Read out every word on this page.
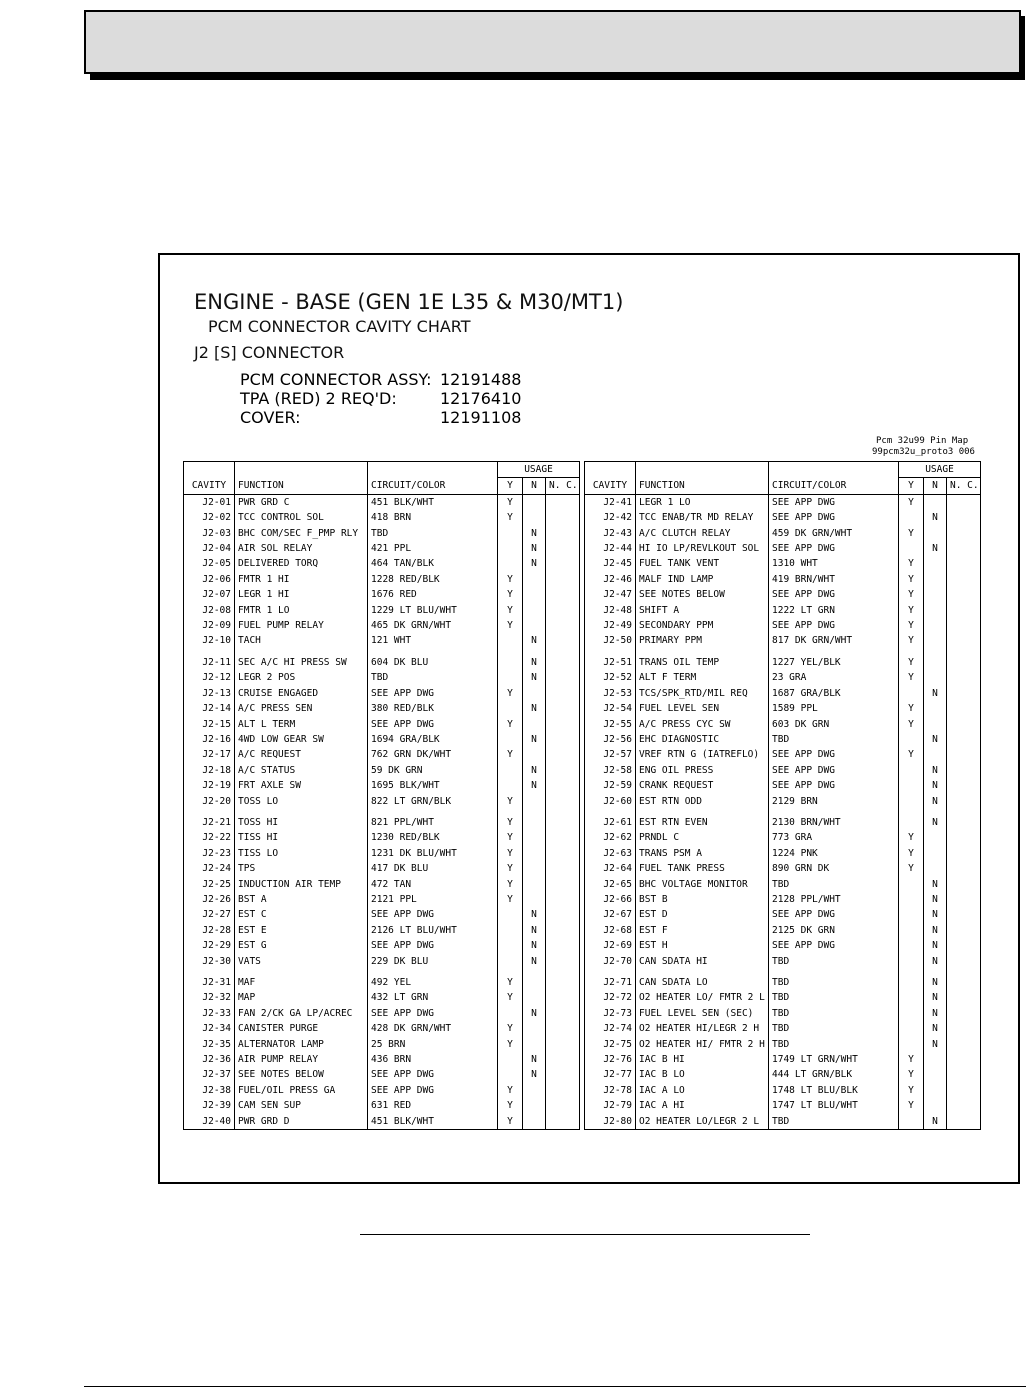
ENGINE - BASE (GEN 1E L35 & M30/MT1)
PCM CONNECTOR CAVITY CHART
J2 [S] CONNECTOR
PCM CONNECTOR ASSY: 12191488
TPA (RED) 2 REQ'D:	12176410
COVER:	12191108
Pcm 32u99 Pin Map
99pcm32u_proto3 006
CAVITY	FUNCTION	CIRCUIT/COLOR	USAGE		
			Y	N	N. C.
J2-01	PWR GRD C	451 BLK/WHT	Y		
J2-02	TCC CONTROL SOL	418 BRN	Y		
J2-03	BHC COM/SEC F_PMP RLY	TBD		N	
J2-04	AIR SOL RELAY	421 PPL		N	
J2-05	DELIVERED TORQ	464 TAN/BLK		N	
J2-06	FMTR 1 HI	1228 RED/BLK	Y		
J2-07	LEGR 1 HI	1676 RED	Y		
J2-08	FMTR 1 LO	1229 LT BLU/WHT	Y		
J2-09	FUEL PUMP RELAY	465 DK GRN/WHT	Y		
J2-10	TACH	121 WHT		N	
J2-11	SEC A/C HI PRESS SW	604 DK BLU		N	
J2-12	LEGR 2 POS	TBD		N	
J2-13	CRUISE ENGAGED	SEE APP DWG	Y		
J2-14	A/C PRESS SEN	380 RED/BLK		N	
J2-15	ALT L TERM	SEE APP DWG	Y		
J2-16	4WD LOW GEAR SW	1694 GRA/BLK		N	
J2-17	A/C REQUEST	762 GRN DK/WHT	Y		
J2-18	A/C STATUS	59 DK GRN		N	
J2-19	FRT AXLE SW	1695 BLK/WHT		N	
J2-20	TOSS LO	822 LT GRN/BLK	Y		
J2-21	TOSS HI	821 PPL/WHT	Y		
J2-22	TISS HI	1230 RED/BLK	Y		
J2-23	TISS LO	1231 DK BLU/WHT	Y		
J2-24	TPS	417 DK BLU	Y		
J2-25	INDUCTION AIR TEMP	472 TAN	Y		
J2-26	BST A	2121 PPL	Y		
J2-27	EST C	SEE APP DWG		N	
J2-28	EST E	2126 LT BLU/WHT		N	
J2-29	EST G	SEE APP DWG		N	
J2-30	VATS	229 DK BLU		N	
J2-31	MAF	492 YEL	Y		
J2-32	MAP	432 LT GRN	Y		
J2-33	FAN 2/CK GA LP/ACREC	SEE APP DWG		N	
J2-34	CANISTER PURGE	428 DK GRN/WHT	Y		
J2-35	ALTERNATOR LAMP	25 BRN	Y		
J2-36	AIR PUMP RELAY	436 BRN		N	
J2-37	SEE NOTES BELOW	SEE APP DWG		N	
J2-38	FUEL/OIL PRESS GA	SEE APP DWG	Y		
J2-39	CAM SEN SUP	631 RED	Y		
J2-40	PWR GRD D	451 BLK/WHT	Y		
CAVITY	FUNCTION	CIRCUIT/COLOR	USAGE		
			Y	N	N. C.
J2-41	LEGR 1 LO	SEE APP DWG	Y		
J2-42	TCC ENAB/TR MD RELAY	SEE APP DWG		N	
J2-43	A/C CLUTCH RELAY	459 DK GRN/WHT	Y		
J2-44	HI IO LP/REVLKOUT SOL	SEE APP DWG		N	
J2-45	FUEL TANK VENT	1310 WHT	Y		
J2-46	MALF IND LAMP	419 BRN/WHT	Y		
J2-47	SEE NOTES BELOW	SEE APP DWG	Y		
J2-48	SHIFT A	1222 LT GRN	Y		
J2-49	SECONDARY PPM	SEE APP DWG	Y		
J2-50	PRIMARY PPM	817 DK GRN/WHT	Y		
J2-51	TRANS OIL TEMP	1227 YEL/BLK	Y		
J2-52	ALT F TERM	23 GRA	Y		
J2-53	TCS/SPK_RTD/MIL REQ	1687 GRA/BLK		N	
J2-54	FUEL LEVEL SEN	1589 PPL	Y		
J2-55	A/C PRESS CYC SW	603 DK GRN	Y		
J2-56	EHC DIAGNOSTIC	TBD		N	
J2-57	VREF RTN G (IATREFLO)	SEE APP DWG	Y		
J2-58	ENG OIL PRESS	SEE APP DWG		N	
J2-59	CRANK REQUEST	SEE APP DWG		N	
J2-60	EST RTN ODD	2129 BRN		N	
J2-61	EST RTN EVEN	2130 BRN/WHT		N	
J2-62	PRNDL C	773 GRA	Y		
J2-63	TRANS PSM A	1224 PNK	Y		
J2-64	FUEL TANK PRESS	890 GRN DK	Y		
J2-65	BHC VOLTAGE MONITOR	TBD		N	
J2-66	BST B	2128 PPL/WHT		N	
J2-67	EST D	SEE APP DWG		N	
J2-68	EST F	2125 DK GRN		N	
J2-69	EST H	SEE APP DWG		N	
J2-70	CAN SDATA HI	TBD		N	
J2-71	CAN SDATA LO	TBD		N	
J2-72	O2 HEATER LO/ FMTR 2 L	TBD		N	
J2-73	FUEL LEVEL SEN (SEC)	TBD		N	
J2-74	O2 HEATER HI/LEGR 2 H	TBD		N	
J2-75	O2 HEATER HI/ FMTR 2 H	TBD		N	
J2-76	IAC B HI	1749 LT GRN/WHT	Y		
J2-77	IAC B LO	444 LT GRN/BLK	Y		
J2-78	IAC A LO	1748 LT BLU/BLK	Y		
J2-79	IAC A HI	1747 LT BLU/WHT	Y		
J2-80	O2 HEATER LO/LEGR 2 L	TBD		N	
